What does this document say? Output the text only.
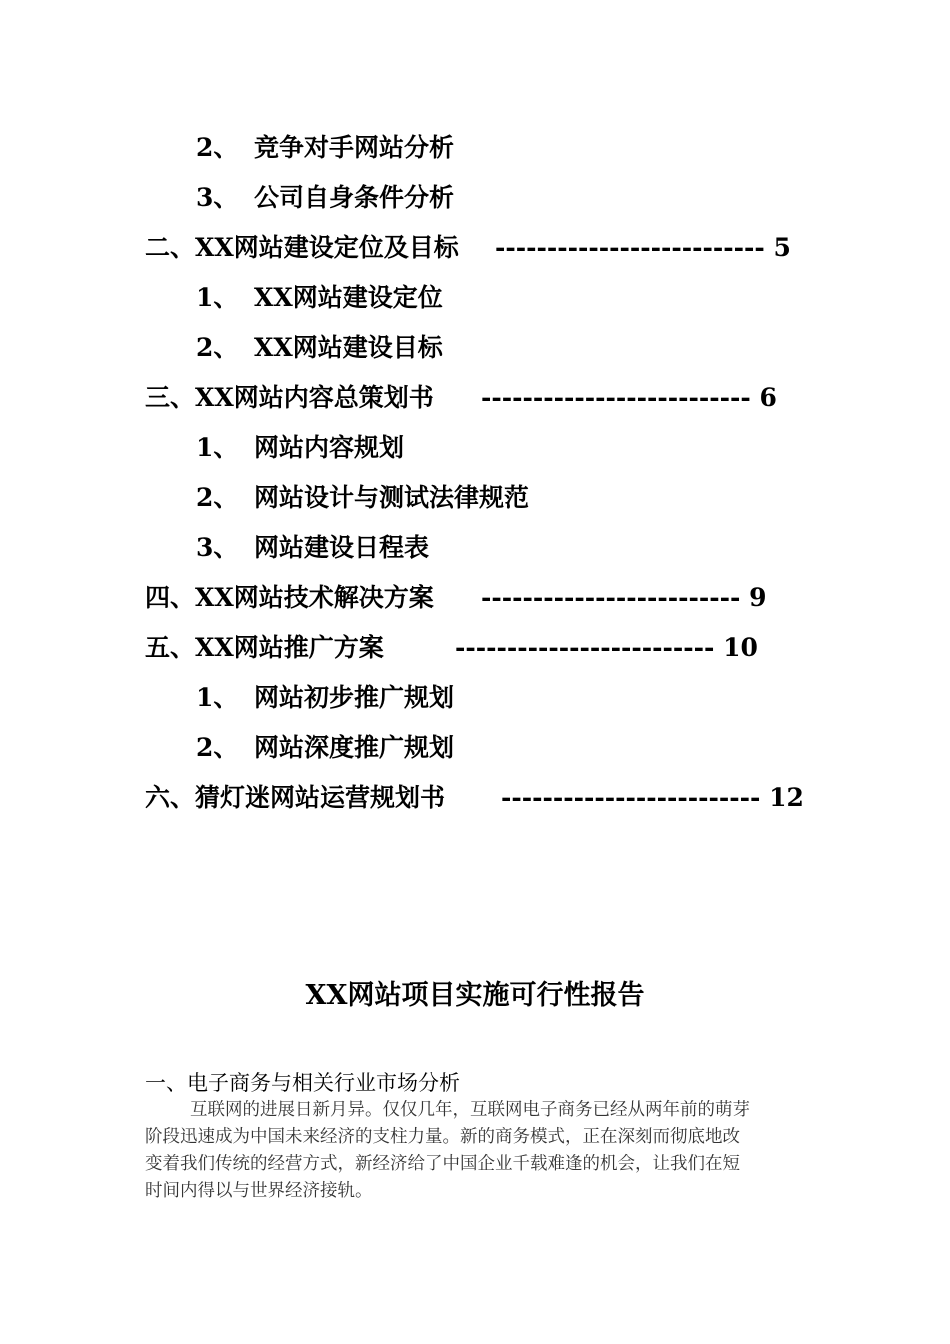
2、 竞争对手网站分析
3、 公司自身条件分析
二、XX网站建设定位及目标 -------------------------- 5
1、 XX网站建设定位
2、 XX网站建设目标
三、XX网站内容总策划书 -------------------------- 6
1、 网站内容规划
2、 网站设计与测试法律规范
3、 网站建设日程表
四、XX网站技术解决方案 ------------------------- 9
五、XX网站推广方案	------------------------- 10
1、 网站初步推广规划
2、 网站深度推广规划
六、猜灯迷网站运营规划书 ------------------------- 12
XX网站项目实施可行性报告
一、电子商务与相关行业市场分析
互联网的进展日新月异。仅仅几年，互联网电子商务已经从两年前的萌芽
阶段迅速成为中国未来经济的支柱力量。新的商务模式，正在深刻而彻底地改
变着我们传统的经营方式，新经济给了中国企业千载难逢的机会，让我们在短
时间内得以与世界经济接轨。
